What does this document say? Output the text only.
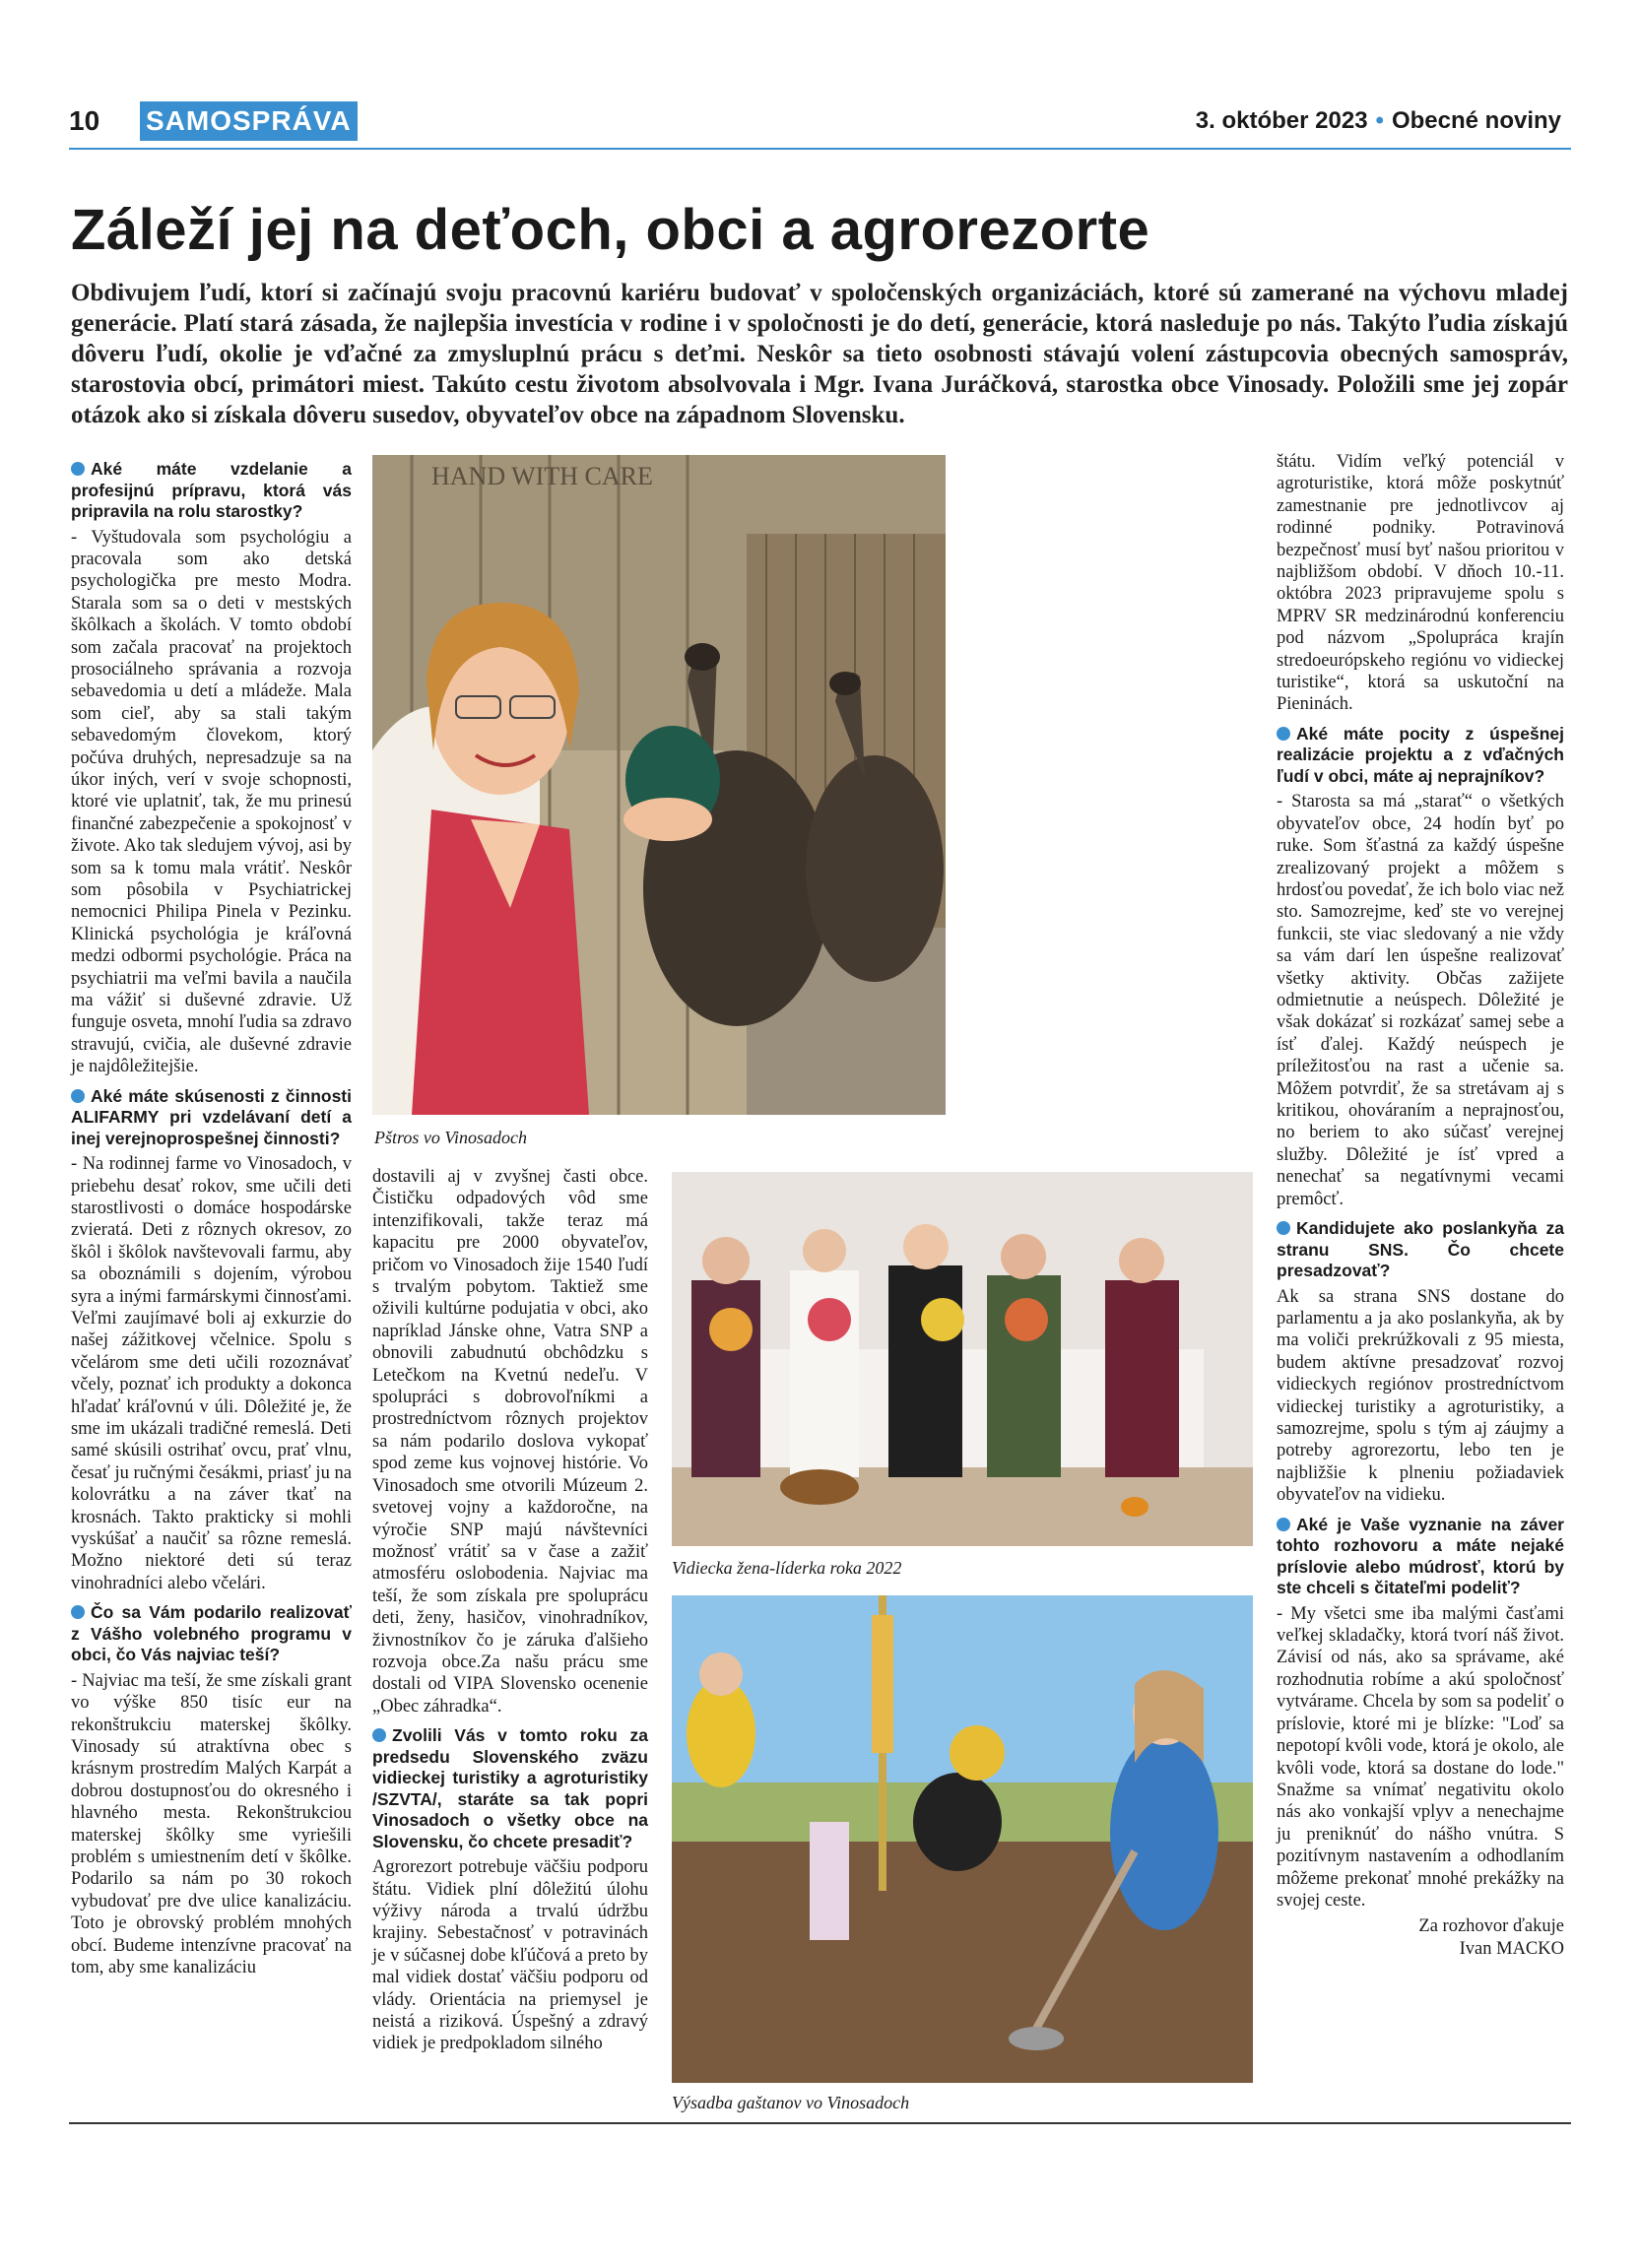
10 SAMOSPRÁVA	3. október 2023 • Obecné noviny
Záleží jej na deťoch, obci a agrorezorte
Obdivujem ľudí, ktorí si začínajú svoju pracovnú kariéru budovať v spoločenských organizáciách, ktoré sú zamerané na výchovu mladej generácie. Platí stará zásada, že najlepšia investícia v rodine i v spoločnosti je do detí, generácie, ktorá nasleduje po nás. Takýto ľudia získajú dôveru ľudí, okolie je vďačné za zmysluplnú prácu s deťmi. Neskôr sa tieto osobnosti stávajú volení zástupcovia obecných samospráv, starostovia obcí, primátori miest. Takúto cestu životom absolvovala i Mgr. Ivana Juráčková, starostka obce Vinosady. Položili sme jej zopár otázok ako si získala dôveru susedov, obyvateľov obce na západnom Slovensku.
Aké máte vzdelanie a profesijnú prípravu, ktorá vás pripravila na rolu starostky?

- Vyštudovala som psychológiu a pracovala som ako detská psychologička pre mesto Modra. Starala som sa o deti v mestských škôlkach a školách. V tomto období som začala pracovať na projektoch prosociálneho správania a rozvoja sebavedomia u detí a mládeže. Mala som cieľ, aby sa stali takým sebavedomým človekom, ktorý počúva druhých, nepresadzuje sa na úkor iných, verí v svoje schopnosti, ktoré vie uplatniť, tak, že mu prinesú finančné zabezpečenie a spokojnosť v živote. Ako tak sledujem vývoj, asi by som sa k tomu mala vrátiť. Neskôr som pôsobila v Psychiatrickej nemocnici Philipa Pinela v Pezinku. Klinická psychológia je kráľovná medzi odbormi psychológie. Práca na psychiatrii ma veľmi bavila a naučila ma vážiť si duševné zdravie. Už funguje osveta, mnohí ľudia sa zdravo stravujú, cvičia, ale duševné zdravie je najdôležitejšie.

Aké máte skúsenosti z činnosti ALIFARMY pri vzdelávaní detí a inej verejnoprospešnej činnosti?

- Na rodinnej farme vo Vinosadoch, v priebehu desať rokov, sme učili deti starostlivosti o domáce hospodárske zvieratá. Deti z rôznych okresov, zo škôl i škôlok navštevovali farmu, aby sa oboznámili s dojením, výrobou syra a inými farmárskymi činnosťami. Veľmi zaujímavé boli aj exkurzie do našej zážitkovej včelnice. Spolu s včelárom sme deti učili rozoznávať včely, poznať ich produkty a dokonca hľadať kráľovnú v úli. Dôležité je, že sme im ukázali tradičné remeslá. Deti samé skúsili ostrihať ovcu, prať vlnu, česať ju ručnými česákmi, priasť ju na kolovrátku a na záver tkať na krosnách. Takto prakticky si mohli vyskúšať a naučiť sa rôzne remeslá. Možno niektoré deti sú teraz vinohradníci alebo včelári.

Čo sa Vám podarilo realizovať z Vášho volebného programu v obci, čo Vás najviac teší?

- Najviac ma teší, že sme získali grant vo výške 850 tisíc eur na rekonštrukciu materskej škôlky. Vinosady sú atraktívna obec s krásnym prostredím Malých Karpát a dobrou dostupnosťou do okresného i hlavného mesta. Rekonštrukciou materskej škôlky sme vyriešili problém s umiestnením detí v škôlke. Podarilo sa nám po 30 rokoch vybudovať pre dve ulice kanalizáciu. Toto je obrovský problém mnohých obcí. Budeme intenzívne pracovať na tom, aby sme kanalizáciu

HAND WITH CARE
Pštros vo Vinosadoch

dostavili aj v zvyšnej časti obce. Čističku odpadových vôd sme intenzifikovali, takže teraz má kapacitu pre 2000 obyvateľov, pričom vo Vinosadoch žije 1540 ľudí s trvalým pobytom. Taktiež sme oživili kultúrne podujatia v obci, ako napríklad Jánske ohne, Vatra SNP a obnovili zabudnutú obchôdzku s Letečkom na Kvetnú nedeľu. V spolupráci s dobrovoľníkmi a prostredníctvom rôznych projektov sa nám podarilo doslova vykopať spod zeme kus vojnovej histórie. Vo Vinosadoch sme otvorili Múzeum 2. svetovej vojny a každoročne, na výročie SNP majú návštevníci možnosť vrátiť sa v čase a zažiť atmosféru oslobodenia. Najviac ma teší, že som získala pre spoluprácu deti, ženy, hasičov, vinohradníkov, živnostníkov čo je záruka ďalšieho rozvoja obce.Za našu prácu sme dostali od VIPA Slovensko ocenenie „Obec záhradka“.

Zvolili Vás v tomto roku za predsedu Slovenského zväzu vidieckej turistiky a agroturistiky /SZVTA/, staráte sa tak popri Vinosadoch o všetky obce na Slovensku, čo chcete presadiť?

Agrorezort potrebuje väčšiu podporu štátu. Vidiek plní dôležitú úlohu výživy národa a trvalú údržbu krajiny. Sebestačnosť v potravinách je v súčasnej dobe kľúčová a preto by mal vidiek dostať väčšiu podporu od vlády. Orientácia na priemysel je neistá a riziková. Úspešný a zdravý vidiek je predpokladom silného

Vidiecka žena-líderka roka 2022
Výsadba gaštanov vo Vinosadoch

štátu. Vidím veľký potenciál v agroturistike, ktorá môže poskytnúť zamestnanie pre jednotlivcov aj rodinné podniky. Potravinová bezpečnosť musí byť našou prioritou v najbližšom období. V dňoch 10.-11. októbra 2023 pripravujeme spolu s MPRV SR medzinárodnú konferenciu pod názvom „Spolupráca krajín stredoeurópskeho regiónu vo vidieckej turistike“, ktorá sa uskutoční na Pieninách.

Aké máte pocity z úspešnej realizácie projektu a z vďačných ľudí v obci, máte aj neprajníkov?

- Starosta sa má „starať“ o všetkých obyvateľov obce, 24 hodín byť po ruke. Som šťastná za každý úspešne zrealizovaný projekt a môžem s hrdosťou povedať, že ich bolo viac než sto. Samozrejme, keď ste vo verejnej funkcii, ste viac sledovaný a nie vždy sa vám darí len úspešne realizovať všetky aktivity. Občas zažijete odmietnutie a neúspech. Dôležité je však dokázať si rozkázať samej sebe a ísť ďalej. Každý neúspech je príležitosťou na rast a učenie sa. Môžem potvrdiť, že sa stretávam aj s kritikou, ohováraním a neprajnosťou, no beriem to ako súčasť verejnej služby. Dôležité je ísť vpred a nenechať sa negatívnymi vecami premôcť.

Kandidujete ako poslankyňa za stranu SNS. Čo chcete presadzovať?

Ak sa strana SNS dostane do parlamentu a ja ako poslankyňa, ak by ma voliči prekrúžkovali z 95 miesta, budem aktívne presadzovať rozvoj vidieckych regiónov prostredníctvom vidieckej turistiky a agroturistiky, a samozrejme, spolu s tým aj záujmy a potreby agrorezortu, lebo ten je najbližšie k plneniu požiadaviek obyvateľov na vidieku.

Aké je Vaše vyznanie na záver tohto rozhovoru a máte nejaké príslovie alebo múdrosť, ktorú by ste chceli s čitateľmi podeliť?

- My všetci sme iba malými časťami veľkej skladačky, ktorá tvorí náš život. Závisí od nás, ako sa správame, aké rozhodnutia robíme a akú spoločnosť vytvárame. Chcela by som sa podeliť o príslovie, ktoré mi je blízke: "Loď sa nepotopí kvôli vode, ktorá je okolo, ale kvôli vode, ktorá sa dostane do lode." Snažme sa vnímať negativitu okolo nás ako vonkajší vplyv a nenechajme ju preniknúť do nášho vnútra. S pozitívnym nastavením a odhodlaním môžeme prekonať mnohé prekážky na svojej ceste.

Za rozhovor ďakuje
Ivan MACKO
